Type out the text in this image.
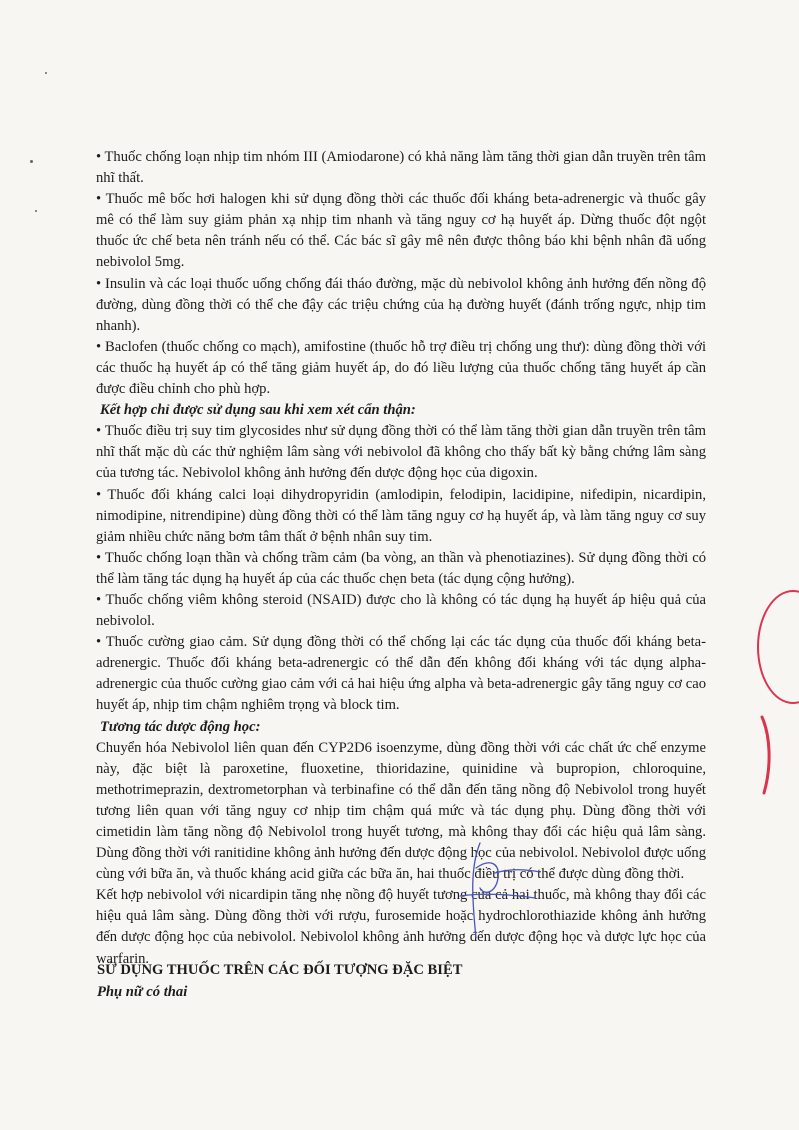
• Thuốc chống loạn nhịp tim nhóm III (Amiodarone) có khả năng làm tăng thời gian dẫn truyền trên tâm nhĩ thất.

• Thuốc mê bốc hơi halogen khi sử dụng đồng thời các thuốc đối kháng beta-adrenergic và thuốc gây mê có thể làm suy giảm phản xạ nhịp tim nhanh và tăng nguy cơ hạ huyết áp. Dừng thuốc đột ngột thuốc ức chế beta nên tránh nếu có thể. Các bác sĩ gây mê nên được thông báo khi bệnh nhân đã uống nebivolol 5mg.

• Insulin và các loại thuốc uống chống đái tháo đường, mặc dù nebivolol không ảnh hưởng đến nồng độ đường, dùng đồng thời có thể che đậy các triệu chứng của hạ đường huyết (đánh trống ngực, nhịp tim nhanh).

• Baclofen (thuốc chống co mạch), amifostine (thuốc hỗ trợ điều trị chống ung thư): dùng đồng thời với các thuốc hạ huyết áp có thể tăng giảm huyết áp, do đó liều lượng của thuốc chống tăng huyết áp cần được điều chỉnh cho phù hợp.

Kết hợp chỉ được sử dụng sau khi xem xét cẩn thận:

• Thuốc điều trị suy tim glycosides như sử dụng đồng thời có thể làm tăng thời gian dẫn truyền trên tâm nhĩ thất mặc dù các thử nghiệm lâm sàng với nebivolol đã không cho thấy bất kỳ bằng chứng lâm sàng của tương tác. Nebivolol không ảnh hưởng đến dược động học của digoxin.

• Thuốc đối kháng calci loại dihydropyridin (amlodipin, felodipin, lacidipine, nifedipin, nicardipin, nimodipine, nitrendipine) dùng đồng thời có thể làm tăng nguy cơ hạ huyết áp, và làm tăng nguy cơ suy giảm nhiều chức năng bơm tâm thất ở bệnh nhân suy tim.

• Thuốc chống loạn thần và chống trầm cảm (ba vòng, an thần và phenotiazines). Sử dụng đồng thời có thể làm tăng tác dụng hạ huyết áp của các thuốc chẹn beta (tác dụng cộng hưởng).

• Thuốc chống viêm không steroid (NSAID) được cho là không có tác dụng hạ huyết áp hiệu quả của nebivolol.

• Thuốc cường giao cảm. Sử dụng đồng thời có thể chống lại các tác dụng của thuốc đối kháng beta-adrenergic. Thuốc đối kháng beta-adrenergic có thể dẫn đến không đối kháng với tác dụng alpha-adrenergic của thuốc cường giao cảm với cả hai hiệu ứng alpha và beta-adrenergic gây tăng nguy cơ cao huyết áp, nhịp tim chậm nghiêm trọng và block tim.

Tương tác dược động học:

Chuyển hóa Nebivolol liên quan đến CYP2D6 isoenzyme, dùng đồng thời với các chất ức chế enzyme này, đặc biệt là paroxetine, fluoxetine, thioridazine, quinidine và bupropion, chloroquine, methotrimeprazin, dextrometorphan và terbinafine có thể dẫn đến tăng nồng độ Nebivolol trong huyết tương liên quan với tăng nguy cơ nhịp tim chậm quá mức và tác dụng phụ. Dùng đồng thời với cimetidin làm tăng nồng độ Nebivolol trong huyết tương, mà không thay đổi các hiệu quả lâm sàng. Dùng đồng thời với ranitidine không ảnh hưởng đến dược động học của nebivolol. Nebivolol được uống cùng với bữa ăn, và thuốc kháng acid giữa các bữa ăn, hai thuốc điều trị có thể được dùng đồng thời.

Kết hợp nebivolol với nicardipin tăng nhẹ nồng độ huyết tương của cả hai thuốc, mà không thay đổi các hiệu quả lâm sàng. Dùng đồng thời với rượu, furosemide hoặc hydrochlorothiazide không ảnh hưởng đến dược động học của nebivolol. Nebivolol không ảnh hưởng đến dược động học và dược lực học của warfarin.

SỬ DỤNG THUỐC TRÊN CÁC ĐỐI TƯỢNG ĐẶC BIỆT

Phụ nữ có thai
